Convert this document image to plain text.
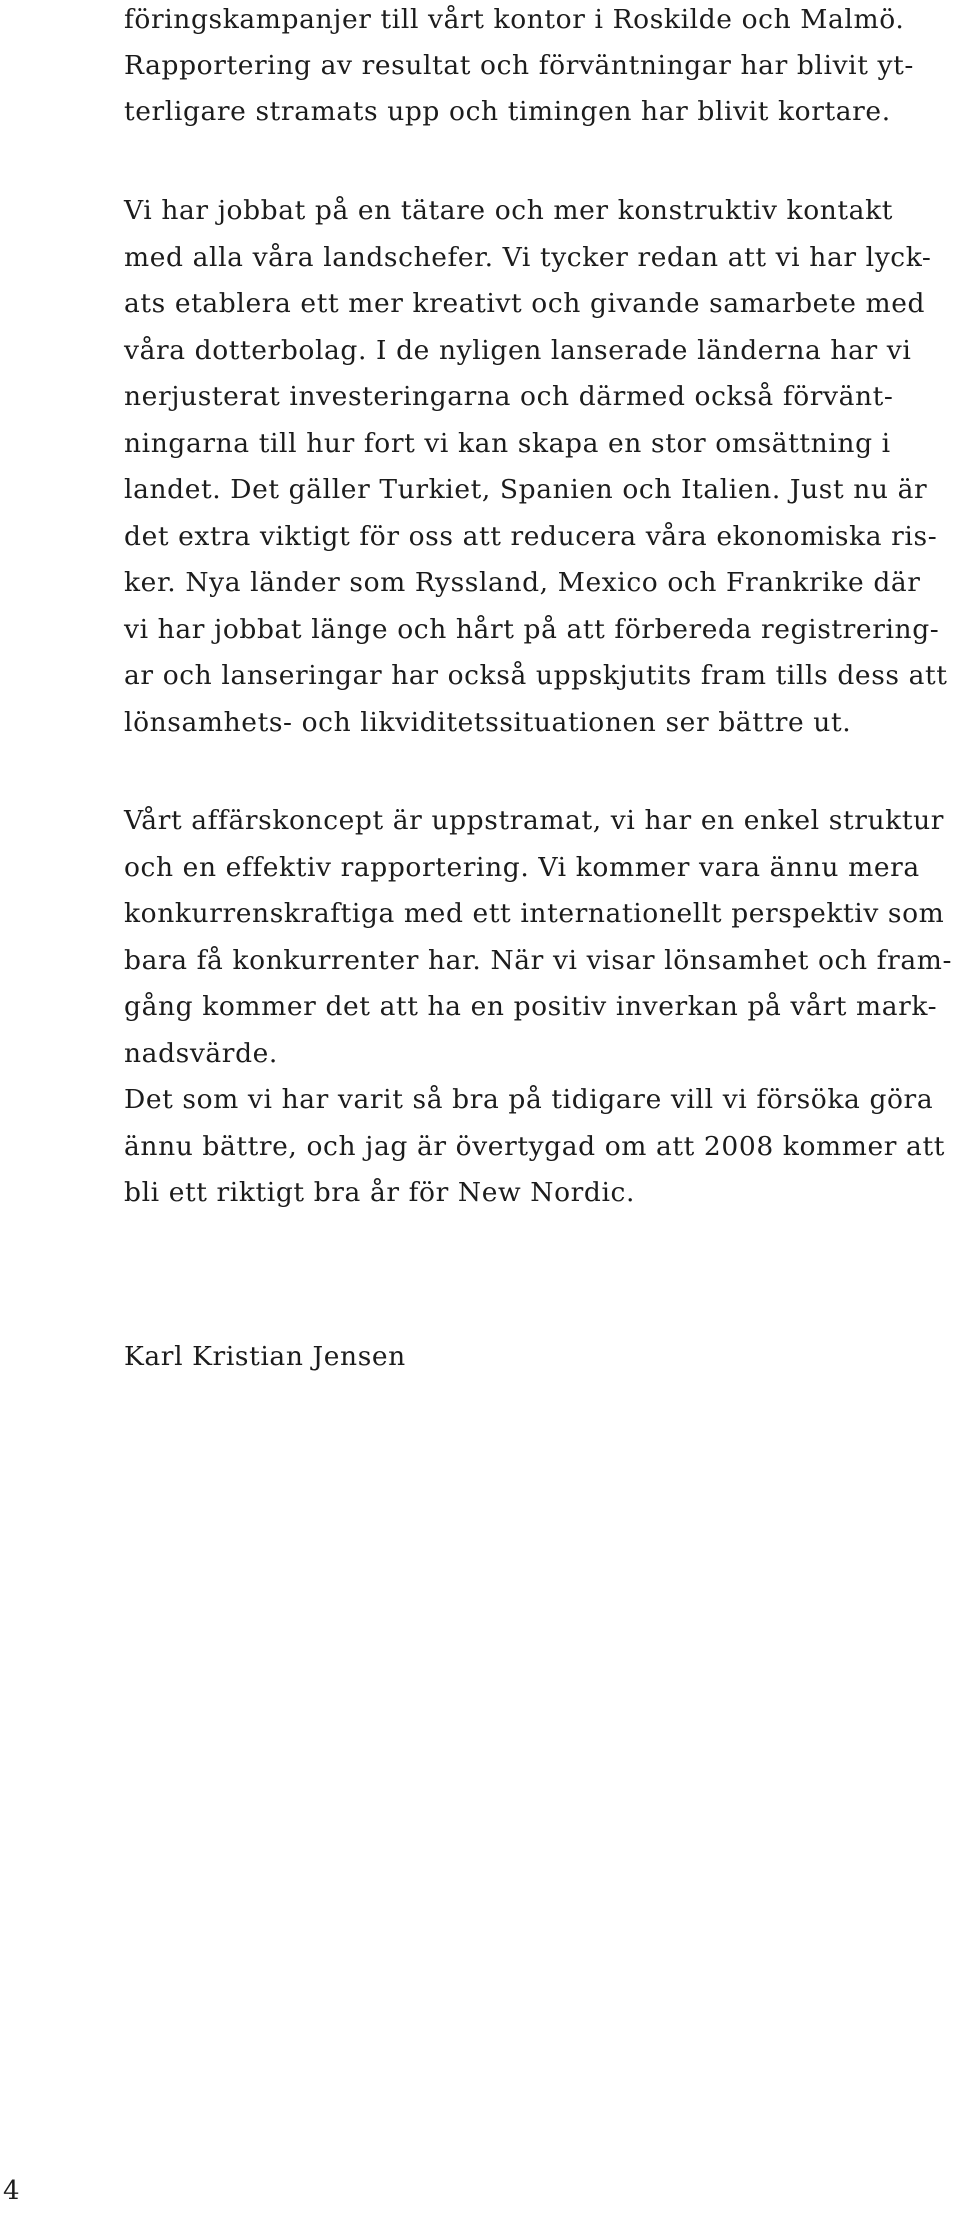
föringskampanjer till vårt kontor i Roskilde och Malmö.
Rapportering av resultat och förväntningar har blivit yt-
terligare stramats upp och timingen har blivit kortare.
Vi har jobbat på en tätare och mer konstruktiv kontakt
med alla våra landschefer. Vi tycker redan att vi har lyck-
ats etablera ett mer kreativt och givande samarbete med
våra dotterbolag. I de nyligen lanserade länderna har vi
nerjusterat investeringarna och därmed också förvänt-
ningarna till hur fort vi kan skapa en stor omsättning i
landet. Det gäller Turkiet, Spanien och Italien. Just nu är
det extra viktigt för oss att reducera våra ekonomiska ris-
ker. Nya länder som Ryssland, Mexico och Frankrike där
vi har jobbat länge och hårt på att förbereda registrering-
ar och lanseringar har också uppskjutits fram tills dess att
lönsamhets- och likviditetssituationen ser bättre ut.
Vårt affärskoncept är uppstramat, vi har en enkel struktur
och en effektiv rapportering. Vi kommer vara ännu mera
konkurrenskraftiga med ett internationellt perspektiv som
bara få konkurrenter har. När vi visar lönsamhet och fram-
gång kommer det att ha en positiv inverkan på vårt mark-
nadsvärde.
Det som vi har varit så bra på tidigare vill vi försöka göra
ännu bättre, och jag är övertygad om att 2008 kommer att
bli ett riktigt bra år för New Nordic.
Karl Kristian Jensen
4
